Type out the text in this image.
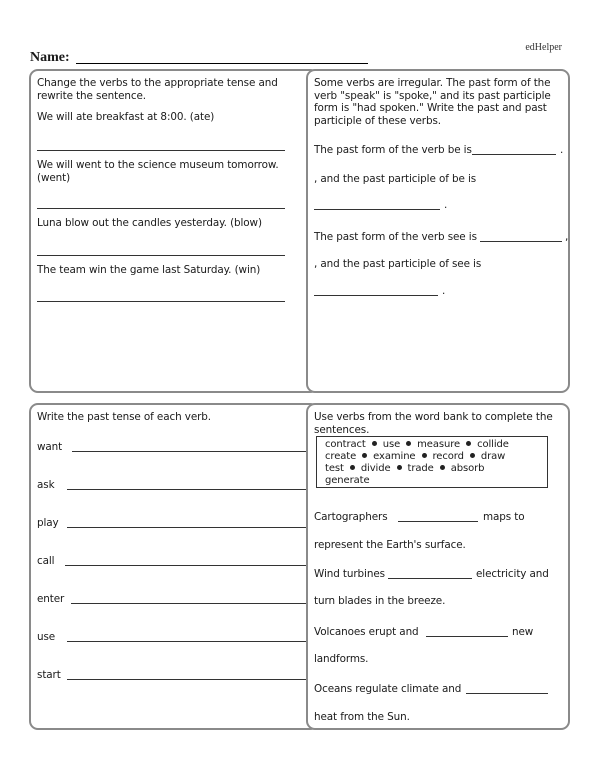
edHelper
Name:
Change the verbs to the appropriate tense and rewrite the sentence.
We will ate breakfast at 8:00. (ate)
We will went to the science museum tomorrow. (went)
Luna blow out the candles yesterday. (blow)
The team win the game last Saturday. (win)
Some verbs are irregular. The past form of the verb "speak" is "spoke," and its past participle form is "had spoken." Write the past and past participle of these verbs.
The past form of the verb be is	.
, and the past participle of be is
.
The past form of the verb see is	,
, and the past participle of see is
.
Write the past tense of each verb.
want
ask
play
call
enter
use
start
Use verbs from the word bank to complete the sentences.
contract use measure collide
create examine record draw
test divide trade absorb
generate
Cartographers	maps to
represent the Earth's surface.
Wind turbines	electricity and
turn blades in the breeze.
Volcanoes erupt and	new
landforms.
Oceans regulate climate and
heat from the Sun.
